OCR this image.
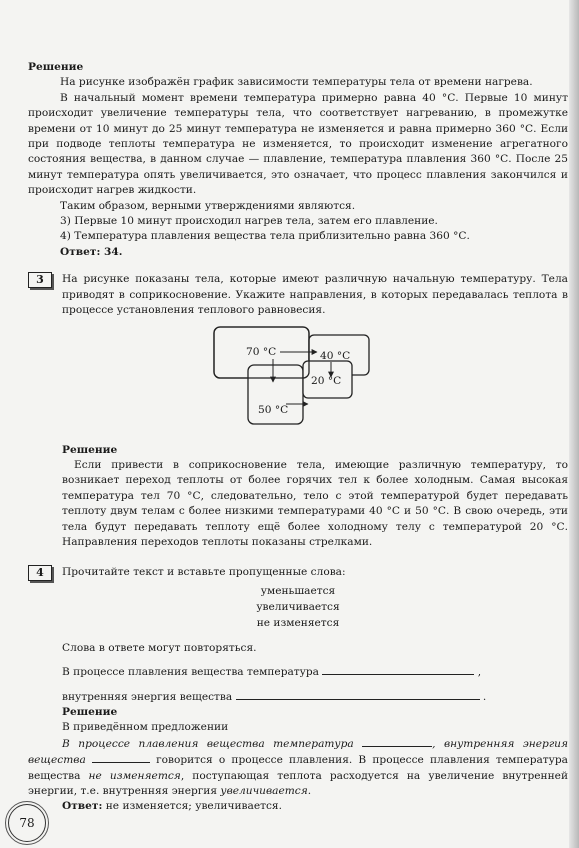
Решение

На рисунке изображён график зависимости температуры тела от времени нагрева.

В начальный момент времени температура примерно равна 40 °С. Первые 10 минут происходит увеличение температуры тела, что соответствует нагреванию, в промежутке времени от 10 минут до 25 минут температура не изменяется и равна примерно 360 °С. Если при подводе теплоты температура не изменяется, то происходит изменение агрегатного состояния вещества, в данном случае — плавление, температура плавления 360 °С. После 25 минут температура опять увеличивается, это означает, что процесс плавления закончился и происходит нагрев жидкости.

Таким образом, верными утверждениями являются.

3) Первые 10 минут происходил нагрев тела, затем его плавление.

4) Температура плавления вещества тела приблизительно равна 360 °С.

Ответ: 34.

3	На рисунке показаны тела, которые имеют различную начальную температуру. Тела приводят в соприкосновение. Укажите направления, в которых передавалась теплота в процессе установления теплового равновесия.

70 °С	40 °С
20 °С
50 °С
Решение

Если привести в соприкосновение тела, имеющие различную температуру, то возникает переход теплоты от более горячих тел к более холодным. Самая высокая температура тел 70 °С, следовательно, тело с этой температурой будет передавать теплоту двум телам с более низкими температурами 40 °С и 50 °С. В свою очередь, эти тела будут передавать теплоту ещё более холодному телу с температурой 20 °С. Направления переходов теплоты показаны стрелками.

4	Прочитайте текст и вставьте пропущенные слова:

уменьшается
увеличивается
не изменяется
Слова в ответе могут повторяться.
В процессе плавления вещества температура	,
внутренняя энергия вещества	.
Решение
В приведённом предложении

В процессе плавления вещества температура	, внутренняя энергия вещества	говорится о процессе плавления. В процессе плавления температура вещества не изменяется, поступающая теплота расходуется на увеличение внутренней энергии, т.е. внутренняя энергия увеличивается.

Ответ: не изменяется; увеличивается.

78
